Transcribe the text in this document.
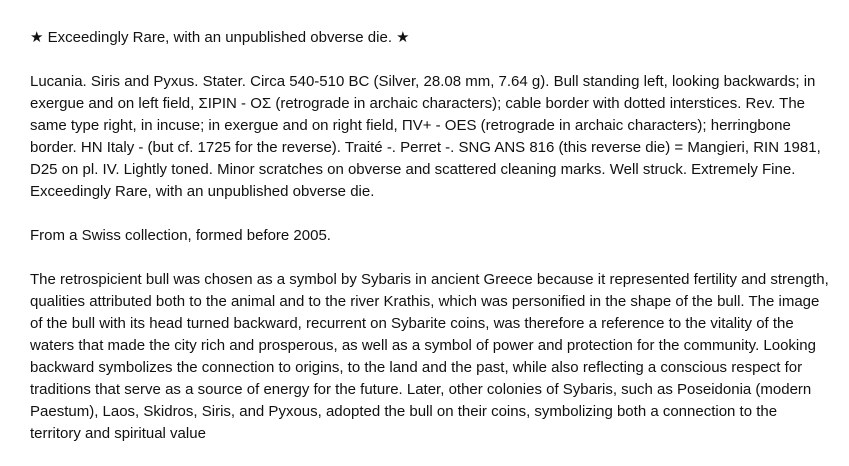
★ Exceedingly Rare, with an unpublished obverse die. ★

Lucania. Siris and Pyxus. Stater. Circa 540-510 BC (Silver, 28.08 mm, 7.64 g). Bull standing left, looking backwards; in exergue and on left field, ΣIPIN - OΣ (retrograde in archaic characters); cable border with dotted interstices. Rev. The same type right, in incuse; in exergue and on right field, ΠV+ - OES (retrograde in archaic characters); herringbone border. HN Italy - (but cf. 1725 for the reverse). Traité -. Perret -. SNG ANS 816 (this reverse die) = Mangieri, RIN 1981, D25 on pl. IV. Lightly toned. Minor scratches on obverse and scattered cleaning marks. Well struck. Extremely Fine. Exceedingly Rare, with an unpublished obverse die.

From a Swiss collection, formed before 2005.

The retrospicient bull was chosen as a symbol by Sybaris in ancient Greece because it represented fertility and strength, qualities attributed both to the animal and to the river Krathis, which was personified in the shape of the bull. The image of the bull with its head turned backward, recurrent on Sybarite coins, was therefore a reference to the vitality of the waters that made the city rich and prosperous, as well as a symbol of power and protection for the community. Looking backward symbolizes the connection to origins, to the land and the past, while also reflecting a conscious respect for traditions that serve as a source of energy for the future. Later, other colonies of Sybaris, such as Poseidonia (modern Paestum), Laos, Skidros, Siris, and Pyxous, adopted the bull on their coins, symbolizing both a connection to the territory and spiritual value
